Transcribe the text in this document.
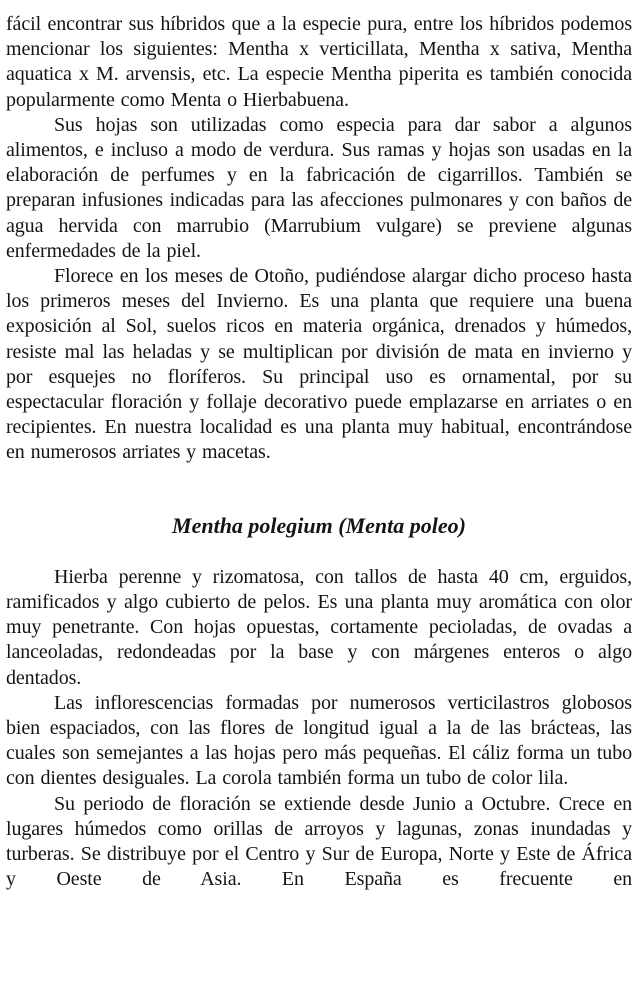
fácil encontrar sus híbridos que a la especie pura, entre los híbridos podemos mencionar los siguientes: Mentha x verticillata, Mentha x sativa, Mentha aquatica x M. arvensis, etc. La especie Mentha piperita es también conocida popularmente como Menta o Hierbabuena.

Sus hojas son utilizadas como especia para dar sabor a algunos alimentos, e incluso a modo de verdura. Sus ramas y hojas son usadas en la elaboración de perfumes y en la fabricación de cigarrillos. También se preparan infusiones indicadas para las afecciones pulmonares y con baños de agua hervida con marrubio (Marrubium vulgare) se previene algunas enfermedades de la piel.

Florece en los meses de Otoño, pudiéndose alargar dicho proceso hasta los primeros meses del Invierno. Es una planta que requiere una buena exposición al Sol, suelos ricos en materia orgánica, drenados y húmedos, resiste mal las heladas y se multiplican por división de mata en invierno y por esquejes no floríferos. Su principal uso es ornamental, por su espectacular floración y follaje decorativo puede emplazarse en arriates o en recipientes. En nuestra localidad es una planta muy habitual, encontrándose en numerosos arriates y macetas.

Mentha polegium (Menta poleo)

Hierba perenne y rizomatosa, con tallos de hasta 40 cm, erguidos, ramificados y algo cubierto de pelos. Es una planta muy aromática con olor muy penetrante. Con hojas opuestas, cortamente pecioladas, de ovadas a lanceoladas, redondeadas por la base y con márgenes enteros o algo dentados.

Las inflorescencias formadas por numerosos verticilastros globosos bien espaciados, con las flores de longitud igual a la de las brácteas, las cuales son semejantes a las hojas pero más pequeñas. El cáliz forma un tubo con dientes desiguales. La corola también forma un tubo de color lila.

Su periodo de floración se extiende desde Junio a Octubre. Crece en lugares húmedos como orillas de arroyos y lagunas, zonas inundadas y turberas. Se distribuye por el Centro y Sur de Europa, Norte y Este de África y Oeste de Asia. En España es frecuente en
